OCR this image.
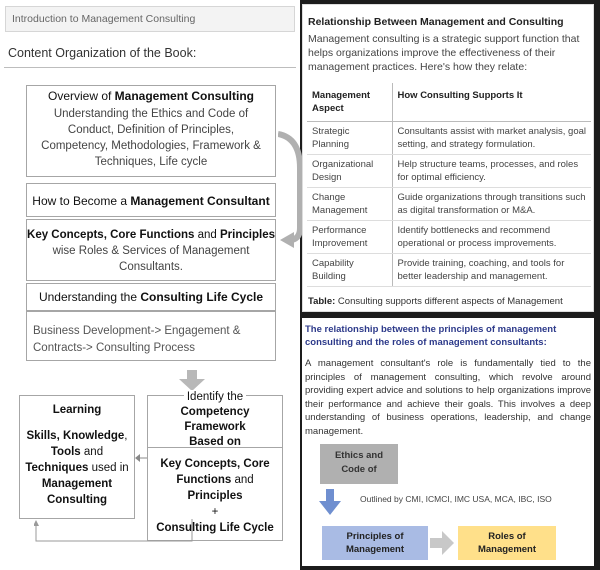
Introduction to Management Consulting
Content Organization of the Book:
Overview of Management Consulting
Understanding the Ethics and Code of Conduct, Definition of Principles, Competency, Methodologies, Framework & Techniques, Life cycle
How to Become a Management Consultant
Key Concepts, Core Functions and Principles
wise Roles & Services of Management Consultants.
Understanding the Consulting Life Cycle
Business Development-> Engagement & Contracts-> Consulting Process
Learning
Skills, Knowledge,
Tools and
Techniques used in Management Consulting
Identify the
Competency Framework
Based on
Key Concepts, Core Functions and Principles
+
Consulting Life Cycle
Relationship Between Management and Consulting
Management consulting is a strategic support function that helps organizations improve the effectiveness of their management practices. Here's how they relate:
Management Aspect	How Consulting Supports It
Strategic Planning	Consultants assist with market analysis, goal setting, and strategy formulation.
Organizational Design	Help structure teams, processes, and roles for optimal efficiency.
Change Management	Guide organizations through transitions such as digital transformation or M&A.
Performance Improvement	Identify bottlenecks and recommend operational or process improvements.
Capability Building	Provide training, coaching, and tools for better leadership and management.
Table: Consulting supports different aspects of Management
The relationship between the principles of management consulting and the roles of management consultants:
A management consultant's role is fundamentally tied to the principles of management consulting, which revolve around providing expert advice and solutions to help organizations improve their performance and achieve their goals. This involves a deep understanding of business operations, leadership, and change management.
Ethics and
Code of
Outlined by CMI, ICMCI, IMC USA, MCA, IBC, ISO
Principles of
Management
Roles of
Management
